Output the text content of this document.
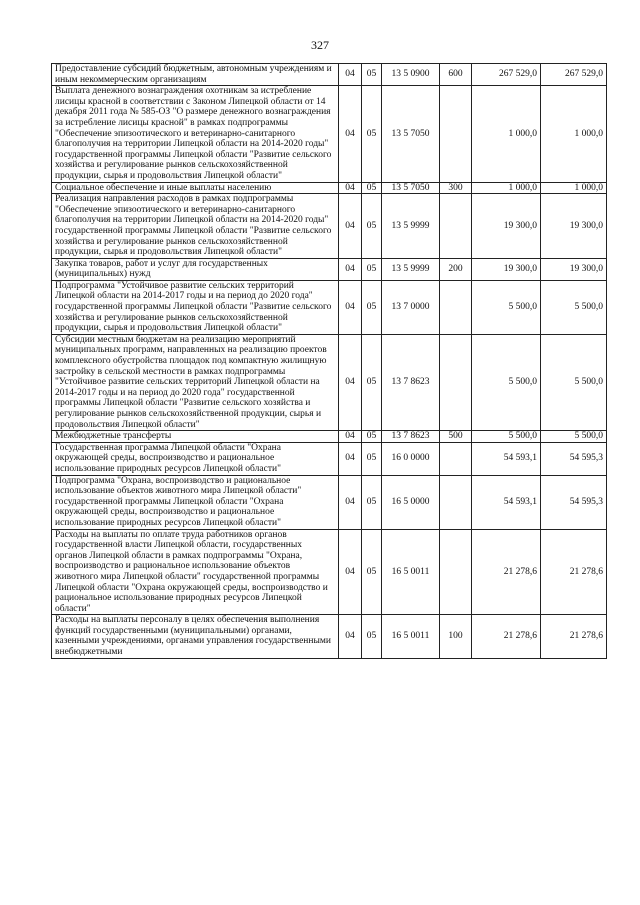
327
Предоставление субсидий бюджетным, автономным учреждениям и иным некоммерческим организациям	04	05	13 5 0900	600	267 529,0	267 529,0
Выплата денежного вознаграждения охотникам за истребление лисицы красной в соответствии с Законом Липецкой области от 14 декабря 2011 года № 585-ОЗ "О размере денежного вознаграждения за истребление лисицы красной" в рамках подпрограммы "Обеспечение эпизоотического и ветеринарно-санитарного благополучия на территории Липецкой области на 2014-2020 годы" государственной программы Липецкой области "Развитие сельского хозяйства и регулирование рынков сельскохозяйственной продукции, сырья и продовольствия Липецкой области"	04	05	13 5 7050		1 000,0	1 000,0
Социальное обеспечение и иные выплаты населению	04	05	13 5 7050	300	1 000,0	1 000,0
Реализация направления расходов в рамках подпрограммы "Обеспечение эпизоотического и ветеринарно-санитарного благополучия на территории Липецкой области на 2014-2020 годы" государственной программы Липецкой области "Развитие сельского хозяйства и регулирование рынков сельскохозяйственной продукции, сырья и продовольствия Липецкой области"	04	05	13 5 9999		19 300,0	19 300,0
Закупка товаров, работ и услуг для государственных (муниципальных) нужд	04	05	13 5 9999	200	19 300,0	19 300,0
Подпрограмма "Устойчивое развитие сельских территорий Липецкой области на 2014-2017 годы и на период до 2020 года" государственной программы Липецкой области "Развитие сельского хозяйства и регулирование рынков сельскохозяйственной продукции, сырья и продовольствия Липецкой области"	04	05	13 7 0000		5 500,0	5 500,0
Субсидии местным бюджетам на реализацию мероприятий муниципальных программ, направленных на реализацию проектов комплексного обустройства площадок под компактную жилищную застройку в сельской местности в рамках подпрограммы "Устойчивое развитие сельских территорий Липецкой области на 2014-2017 годы и на период до 2020 года" государственной программы Липецкой области "Развитие сельского хозяйства и регулирование рынков сельскохозяйственной продукции, сырья и продовольствия Липецкой области"	04	05	13 7 8623		5 500,0	5 500,0
Межбюджетные трансферты	04	05	13 7 8623	500	5 500,0	5 500,0
Государственная программа Липецкой области "Охрана окружающей среды, воспроизводство и рациональное использование природных ресурсов Липецкой области"	04	05	16 0 0000		54 593,1	54 595,3
Подпрограмма "Охрана, воспроизводство и рациональное использование объектов животного мира Липецкой области" государственной программы Липецкой области "Охрана окружающей среды, воспроизводство и рациональное использование природных ресурсов Липецкой области"	04	05	16 5 0000		54 593,1	54 595,3
Расходы на выплаты по оплате труда работников органов государственной власти Липецкой области, государственных органов Липецкой области в рамках подпрограммы "Охрана, воспроизводство и рациональное использование объектов животного мира Липецкой области" государственной программы Липецкой области "Охрана окружающей среды, воспроизводство и рациональное использование природных ресурсов Липецкой области"	04	05	16 5 0011		21 278,6	21 278,6
Расходы на выплаты персоналу в целях обеспечения выполнения функций государственными (муниципальными) органами, казенными учреждениями, органами управления государственными внебюджетными	04	05	16 5 0011	100	21 278,6	21 278,6
